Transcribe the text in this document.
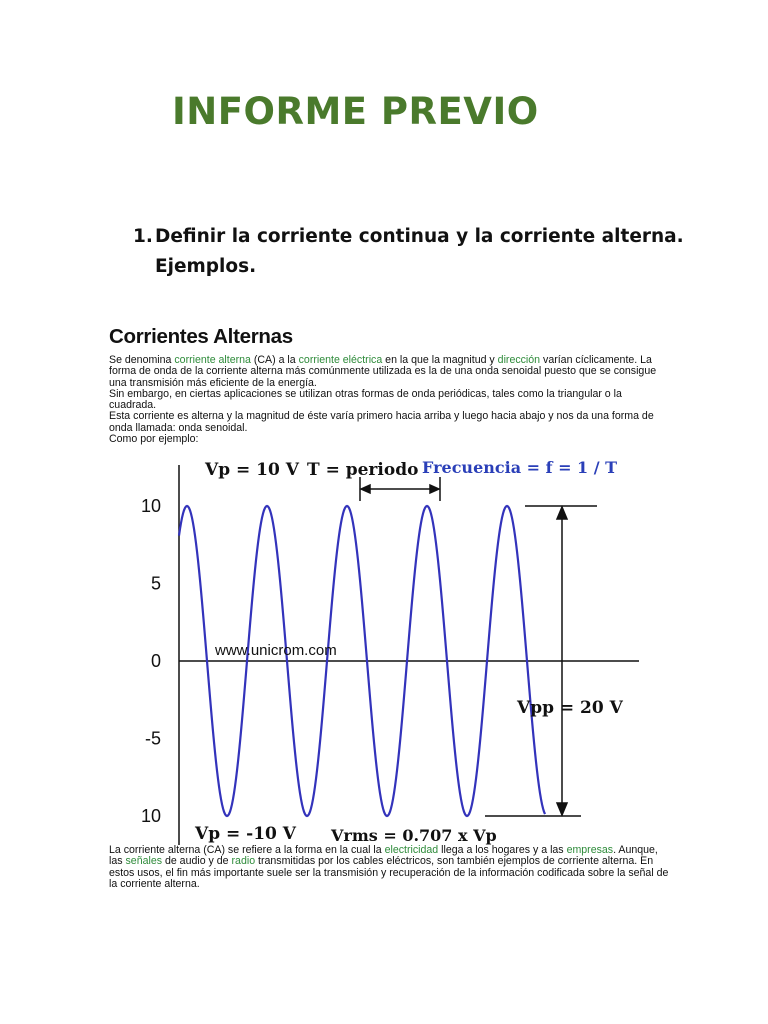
INFORME PREVIO
1. Definir la corriente continua y la corriente alterna. Ejemplos.
Corrientes Alternas

Se denomina corriente alterna (CA) a la corriente eléctrica en la que la magnitud y dirección varían cíclicamente. La forma de onda de la corriente alterna más comúnmente utilizada es la de una onda senoidal puesto que se consigue una transmisión más eficiente de la energía.
Sin embargo, en ciertas aplicaciones se utilizan otras formas de onda periódicas, tales como la triangular o la cuadrada.
Esta corriente es alterna y la magnitud de éste varía primero hacia arriba y luego hacia abajo y nos da una forma de onda llamada: onda senoidal.
Como por ejemplo:

10
5
0
-5
10
www.unicrom.com
Vp = 10 V T = periodo Frecuencia = f = 1 / T
Vpp = 20 V
Vp = -10 V Vrms = 0.707 x Vp

La corriente alterna (CA) se refiere a la forma en la cual la electricidad llega a los hogares y a las empresas. Aunque, las señales de audio y de radio transmitidas por los cables eléctricos, son también ejemplos de corriente alterna. En estos usos, el fin más importante suele ser la transmisión y recuperación de la información codificada sobre la señal de la corriente alterna.
